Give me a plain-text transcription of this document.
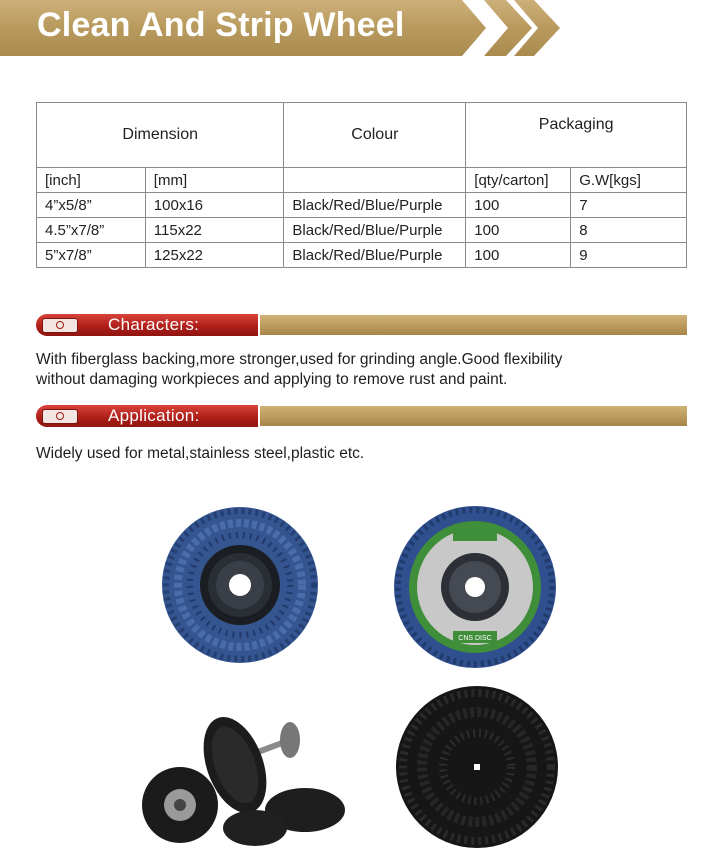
Clean And Strip Wheel
Dimension		Colour	Packaging	
[inch]	[mm]		[qty/carton]	G.W[kgs]
4”x5/8”	100x16	Black/Red/Blue/Purple	100	7
4.5”x7/8”	115x22	Black/Red/Blue/Purple	100	8
5”x7/8”	125x22	Black/Red/Blue/Purple	100	9
Characters:
With fiberglass backing,more stronger,used for grinding angle.Good flexibility
without damaging workpieces and applying to remove rust and paint.
Application:
Widely used for metal,stainless steel,plastic etc.
CNS DISC
